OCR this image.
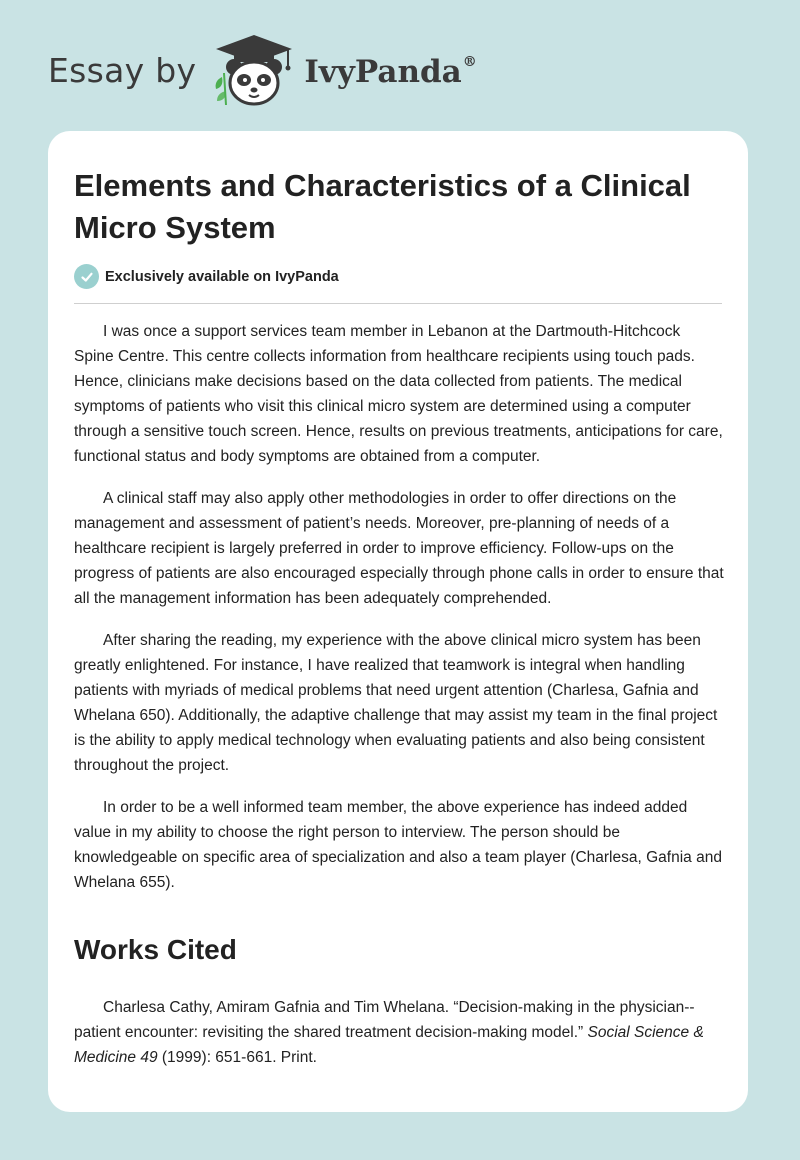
Essay by	IvyPanda®
Elements and Characteristics of a Clinical Micro System
Exclusively available on IvyPanda

I was once a support services team member in Lebanon at the Dartmouth-Hitchcock Spine Centre. This centre collects information from healthcare recipients using touch pads. Hence, clinicians make decisions based on the data collected from patients. The medical symptoms of patients who visit this clinical micro system are determined using a computer through a sensitive touch screen. Hence, results on previous treatments, anticipations for care, functional status and body symptoms are obtained from a computer.

A clinical staff may also apply other methodologies in order to offer directions on the management and assessment of patient’s needs. Moreover, pre-planning of needs of a healthcare recipient is largely preferred in order to improve efficiency. Follow-ups on the progress of patients are also encouraged especially through phone calls in order to ensure that all the management information has been adequately comprehended.

After sharing the reading, my experience with the above clinical micro system has been greatly enlightened. For instance, I have realized that teamwork is integral when handling patients with myriads of medical problems that need urgent attention (Charlesa, Gafnia and Whelana 650). Additionally, the adaptive challenge that may assist my team in the final project is the ability to apply medical technology when evaluating patients and also being consistent throughout the project.

In order to be a well informed team member, the above experience has indeed added value in my ability to choose the right person to interview. The person should be knowledgeable on specific area of specialization and also a team player (Charlesa, Gafnia and Whelana 655).

Works Cited

Charlesa Cathy, Amiram Gafnia and Tim Whelana. “Decision-making in the physician-- patient encounter: revisiting the shared treatment decision-making model.” Social Science & Medicine 49 (1999): 651-661. Print.
